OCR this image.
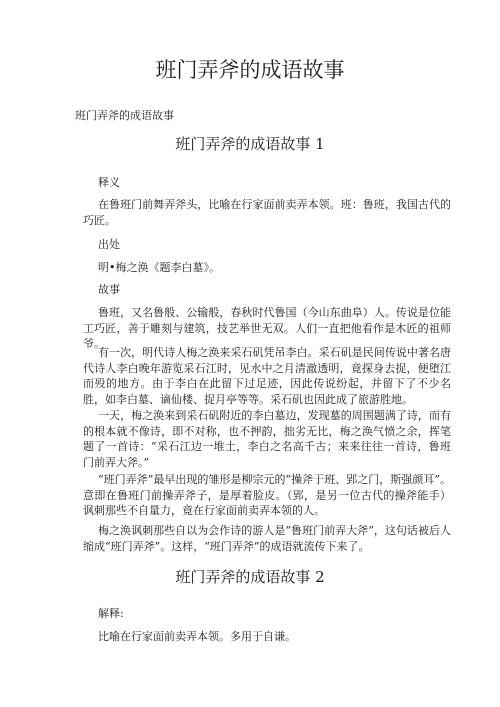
班门弄斧的成语故事
班门弄斧的成语故事
班门弄斧的成语故事 1
释义

在鲁班门前舞弄斧头，比喻在行家面前卖弄本领。班：鲁班，我国古代的巧匠。

出处

明•梅之涣《题李白墓》。

故事

鲁班，又名鲁般、公输般，春秋时代鲁国（今山东曲阜）人。传说是位能工巧匠，善于雕刻与建筑，技艺举世无双。人们一直把他看作是木匠的祖师爷。

有一次，明代诗人梅之涣来采石矶凭吊李白。采石矶是民间传说中著名唐代诗人李白晚年游览采石江时，见水中之月清澈透明，竟探身去捉，便堕江而殁的地方。由于李白在此留下过足迹，因此传说纷起，并留下了不少名胜，如李白墓、谪仙楼、捉月亭等等。采石矶也因此成了旅游胜地。

一天，梅之涣来到采石矶附近的李白墓边，发现墓的周围题满了诗，而有的根本就不像诗，即不对称，也不押韵，拙劣无比，梅之涣气愤之余，挥笔题了一首诗：“采石江边一堆土，李白之名高千古；来来往往一首诗，鲁班门前弄大斧。”

“班门弄斧”最早出现的雏形是柳宗元的“操斧于班、郢之门，斯强颜耳”。意即在鲁班门前操弄斧子，是厚着脸皮。（郢，是另一位古代的操斧能手）讽刺那些不自量力，竟在行家面前卖弄本领的人。

梅之涣讽刺那些自以为会作诗的游人是“鲁班门前弄大斧”，这句话被后人缩成“班门弄斧”。这样，“班门弄斧”的成语就流传下来了。

班门弄斧的成语故事 2
解释:

比喻在行家面前卖弄本领。多用于自谦。
